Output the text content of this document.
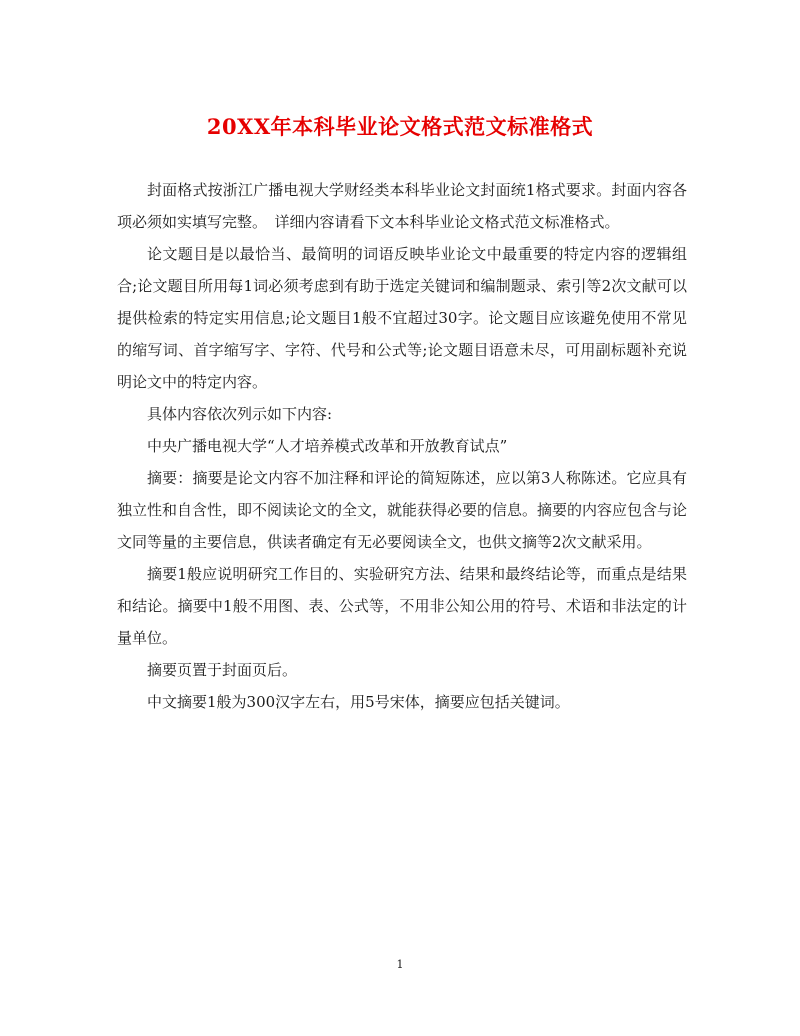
20XX年本科毕业论文格式范文标准格式

封面格式按浙江广播电视大学财经类本科毕业论文封面统1格式要求。封面内容各项必须如实填写完整。　详细内容请看下文本科毕业论文格式范文标准格式。

论文题目是以最恰当、最简明的词语反映毕业论文中最重要的特定内容的逻辑组合;论文题目所用每1词必须考虑到有助于选定关键词和编制题录、索引等2次文献可以提供检索的特定实用信息;论文题目1般不宜超过30字。论文题目应该避免使用不常见的缩写词、首字缩写字、字符、代号和公式等;论文题目语意未尽，可用副标题补充说明论文中的特定内容。

具体内容依次列示如下内容:

中央广播电视大学“人才培养模式改革和开放教育试点”

摘要：摘要是论文内容不加注释和评论的简短陈述，应以第3人称陈述。它应具有独立性和自含性，即不阅读论文的全文，就能获得必要的信息。摘要的内容应包含与论文同等量的主要信息，供读者确定有无必要阅读全文，也供文摘等2次文献采用。

摘要1般应说明研究工作目的、实验研究方法、结果和最终结论等，而重点是结果和结论。摘要中1般不用图、表、公式等，不用非公知公用的符号、术语和非法定的计量单位。

摘要页置于封面页后。

中文摘要1般为300汉字左右，用5号宋体，摘要应包括关键词。

1
